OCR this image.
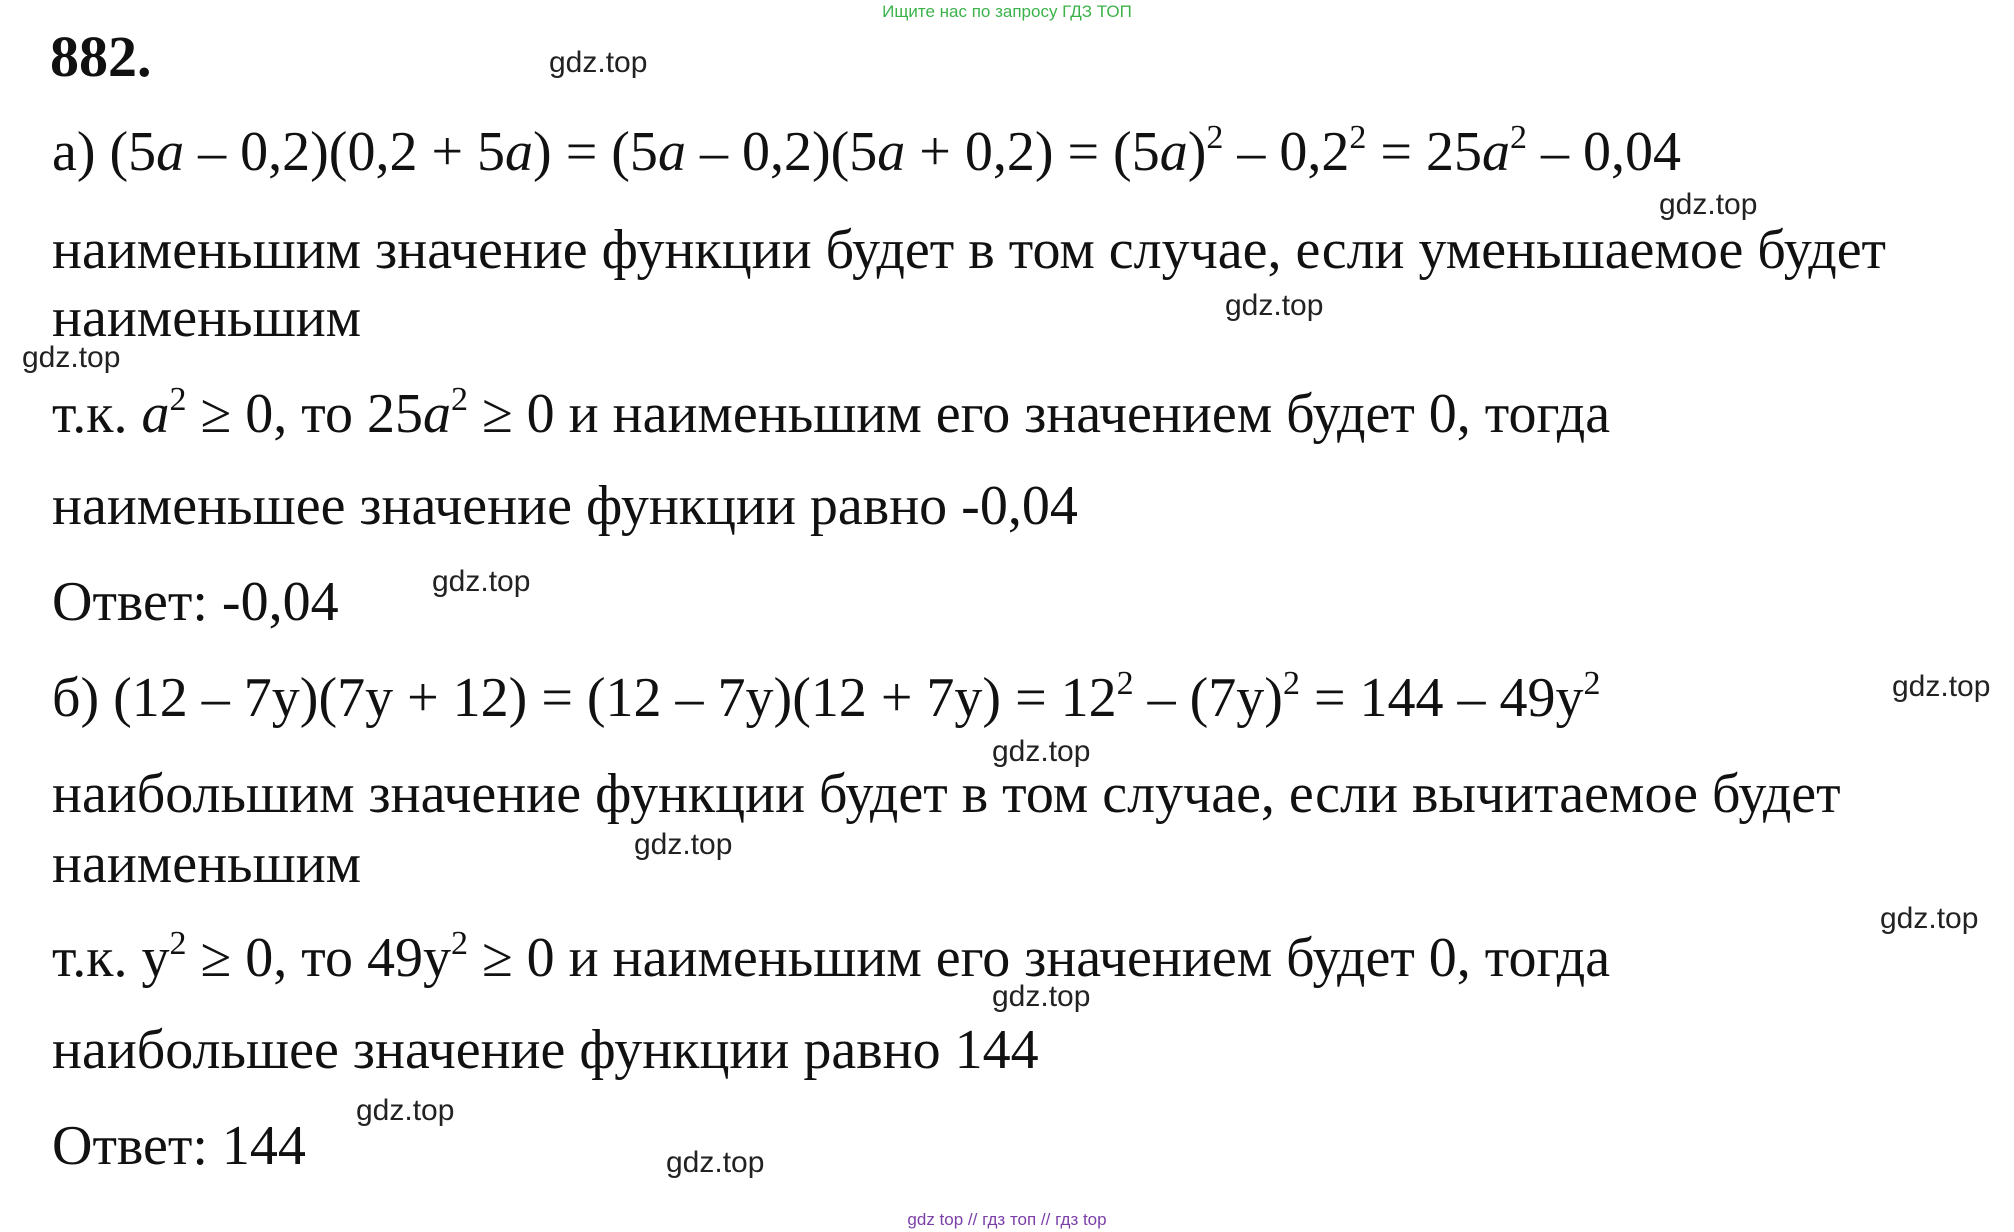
Ищите нас по запросу ГДЗ ТОП
882.
а) $(5a - 0,2)(0,2 + 5a) = (5a - 0,2)(5a + 0,2) = (5a)^2 - 0,2^2 = 25a^2 - 0,04$
наименьшим значение функции будет в том случае, если уменьшаемое будет
наименьшим
т.к. $a^2 \ge 0$, то $25a^2 \ge 0$ и наименьшим его значением будет 0, тогда
наименьшее значение функции равно -0,04
Ответ: -0,04
б) $(12 - 7y)(7y + 12) = (12 - 7y)(12 + 7y) = 12^2 - (7y)^2 = 144 - 49y^2$
наибольшим значение функции будет в том случае, если вычитаемое будет
наименьшим
т.к. $y^2 \ge 0$, то $49y^2 \ge 0$ и наименьшим его значением будет 0, тогда
наибольшее значение функции равно 144
Ответ: 144
gdz.top
gdz.top
gdz.top
gdz.top
gdz.top
gdz.top
gdz.top
gdz.top
gdz.top
gdz.top
gdz.top
gdz.top
gdz top // гдз топ // гдз top
